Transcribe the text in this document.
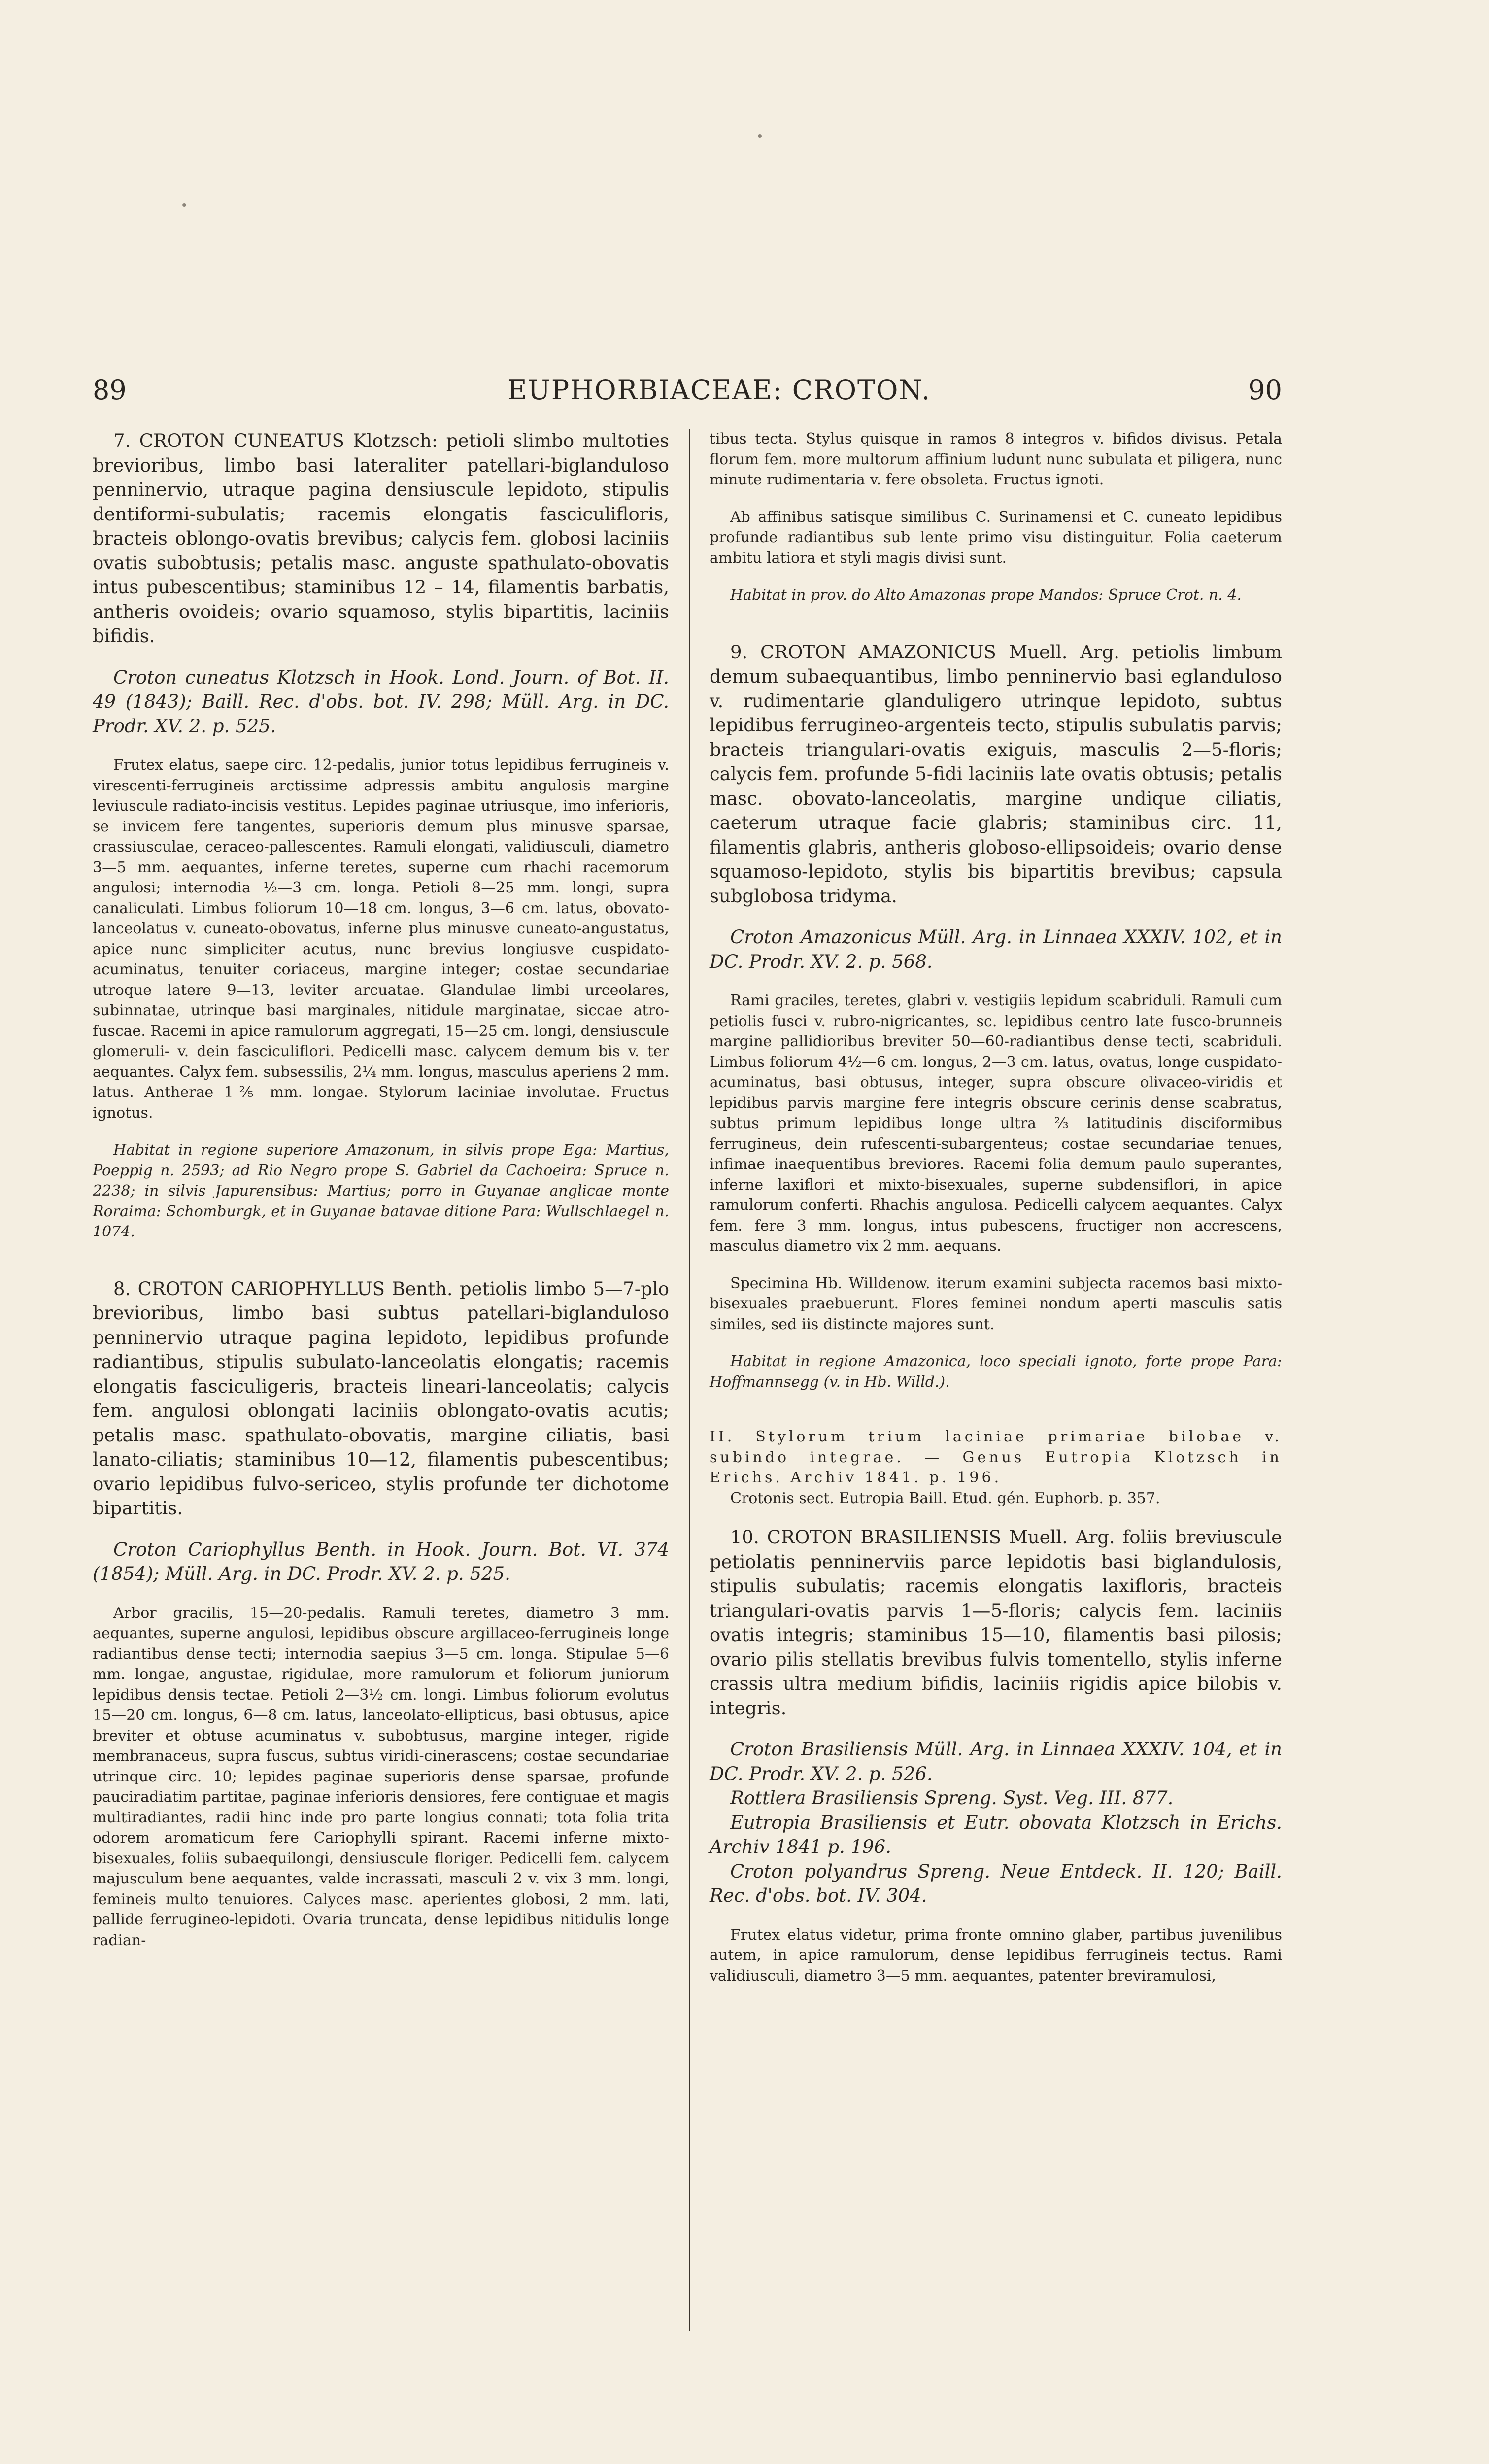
89	EUPHORBIACEAE: CROTON.	90

7. CROTON CUNEATUS Klotzsch: petioli slimbo multoties brevioribus, limbo basi lateraliter patellari-biglanduloso penninervio, utraque pagina densiuscule lepidoto, stipulis dentiformi-subulatis; racemis elongatis fasciculifloris, bracteis oblongo-ovatis brevibus; calycis fem. globosi laciniis ovatis subobtusis; petalis masc. anguste spathulato-obovatis intus pubescentibus; staminibus 12 – 14, filamentis barbatis, antheris ovoideis; ovario squamoso, stylis bipartitis, laciniis bifidis.

Croton cuneatus Klotzsch in Hook. Lond. Journ. of Bot. II. 49 (1843); Baill. Rec. d'obs. bot. IV. 298; Müll. Arg. in DC. Prodr. XV. 2. p. 525.

Frutex elatus, saepe circ. 12-pedalis, junior totus lepidibus ferrugineis v. virescenti-ferrugineis arctissime adpressis ambitu angulosis margine leviuscule radiato-incisis vestitus. Lepides paginae utriusque, imo inferioris, se invicem fere tangentes, superioris demum plus minusve sparsae, crassiusculae, ceraceo-pallescentes. Ramuli elongati, validiusculi, diametro 3—5 mm. aequantes, inferne teretes, superne cum rhachi racemorum angulosi; internodia ½—3 cm. longa. Petioli 8—25 mm. longi, supra canaliculati. Limbus foliorum 10—18 cm. longus, 3—6 cm. latus, obovato-lanceolatus v. cuneato-obovatus, inferne plus minusve cuneato-angustatus, apice nunc simpliciter acutus, nunc brevius longiusve cuspidato-acuminatus, tenuiter coriaceus, margine integer; costae secundariae utroque latere 9—13, leviter arcuatae. Glandulae limbi urceolares, subinnatae, utrinque basi marginales, nitidule marginatae, siccae atro-fuscae. Racemi in apice ramulorum aggregati, 15—25 cm. longi, densiuscule glomeruli- v. dein fasciculiflori. Pedicelli masc. calycem demum bis v. ter aequantes. Calyx fem. subsessilis, 2¼ mm. longus, masculus aperiens 2 mm. latus. Antherae 1⅖ mm. longae. Stylorum laciniae involutae. Fructus ignotus.

Habitat in regione superiore Amazonum, in silvis prope Ega: Martius, Poeppig n. 2593; ad Rio Negro prope S. Gabriel da Cachoeira: Spruce n. 2238; in silvis Japurensibus: Martius; porro in Guyanae anglicae monte Roraima: Schomburgk, et in Guyanae batavae ditione Para: Wullschlaegel n. 1074.

8. CROTON CARIOPHYLLUS Benth. petiolis limbo 5—7-plo brevioribus, limbo basi subtus patellari-biglanduloso penninervio utraque pagina lepidoto, lepidibus profunde radiantibus, stipulis subulato-lanceolatis elongatis; racemis elongatis fasciculigeris, bracteis lineari-lanceolatis; calycis fem. angulosi oblongati laciniis oblongato-ovatis acutis; petalis masc. spathulato-obovatis, margine ciliatis, basi lanato-ciliatis; staminibus 10—12, filamentis pubescentibus; ovario lepidibus fulvo-sericeo, stylis profunde ter dichotome bipartitis.

Croton Cariophyllus Benth. in Hook. Journ. Bot. VI. 374 (1854); Müll. Arg. in DC. Prodr. XV. 2. p. 525.

Arbor gracilis, 15—20-pedalis. Ramuli teretes, diametro 3 mm. aequantes, superne angulosi, lepidibus obscure argillaceo-ferrugineis longe radiantibus dense tecti; internodia saepius 3—5 cm. longa. Stipulae 5—6 mm. longae, angustae, rigidulae, more ramulorum et foliorum juniorum lepidibus densis tectae. Petioli 2—3½ cm. longi. Limbus foliorum evolutus 15—20 cm. longus, 6—8 cm. latus, lanceolato-ellipticus, basi obtusus, apice breviter et obtuse acuminatus v. subobtusus, margine integer, rigide membranaceus, supra fuscus, subtus viridi-cinerascens; costae secundariae utrinque circ. 10; lepides paginae superioris dense sparsae, profunde pauciradiatim partitae, paginae inferioris densiores, fere contiguae et magis multiradiantes, radii hinc inde pro parte longius connati; tota folia trita odorem aromaticum fere Cariophylli spirant. Racemi inferne mixto-bisexuales, foliis subaequilongi, densiuscule floriger. Pedicelli fem. calycem majusculum bene aequantes, valde incrassati, masculi 2 v. vix 3 mm. longi, femineis multo tenuiores. Calyces masc. aperientes globosi, 2 mm. lati, pallide ferrugineo-lepidoti. Ovaria truncata, dense lepidibus nitidulis longe radian-

tibus tecta. Stylus quisque in ramos 8 integros v. bifidos divisus. Petala florum fem. more multorum affinium ludunt nunc subulata et piligera, nunc minute rudimentaria v. fere obsoleta. Fructus ignoti.

Ab affinibus satisque similibus C. Surinamensi et C. cuneato lepidibus profunde radiantibus sub lente primo visu distinguitur. Folia caeterum ambitu latiora et styli magis divisi sunt.

Habitat in prov. do Alto Amazonas prope Mandos: Spruce Crot. n. 4.

9. CROTON AMAZONICUS Muell. Arg. petiolis limbum demum subaequantibus, limbo penninervio basi eglanduloso v. rudimentarie glanduligero utrinque lepidoto, subtus lepidibus ferrugineo-argenteis tecto, stipulis subulatis parvis; bracteis triangulari-ovatis exiguis, masculis 2—5-floris; calycis fem. profunde 5-fidi laciniis late ovatis obtusis; petalis masc. obovato-lanceolatis, margine undique ciliatis, caeterum utraque facie glabris; staminibus circ. 11, filamentis glabris, antheris globoso-ellipsoideis; ovario dense squamoso-lepidoto, stylis bis bipartitis brevibus; capsula subglobosa tridyma.

Croton Amazonicus Müll. Arg. in Linnaea XXXIV. 102, et in DC. Prodr. XV. 2. p. 568.

Rami graciles, teretes, glabri v. vestigiis lepidum scabriduli. Ramuli cum petiolis fusci v. rubro-nigricantes, sc. lepidibus centro late fusco-brunneis margine pallidioribus breviter 50—60-radiantibus dense tecti, scabriduli. Limbus foliorum 4½—6 cm. longus, 2—3 cm. latus, ovatus, longe cuspidato-acuminatus, basi obtusus, integer, supra obscure olivaceo-viridis et lepidibus parvis margine fere integris obscure cerinis dense scabratus, subtus primum lepidibus longe ultra ⅔ latitudinis disciformibus ferrugineus, dein rufescenti-subargenteus; costae secundariae tenues, infimae inaequentibus breviores. Racemi folia demum paulo superantes, inferne laxiflori et mixto-bisexuales, superne subdensiflori, in apice ramulorum conferti. Rhachis angulosa. Pedicelli calycem aequantes. Calyx fem. fere 3 mm. longus, intus pubescens, fructiger non accrescens, masculus diametro vix 2 mm. aequans.

Specimina Hb. Willdenow. iterum examini subjecta racemos basi mixto-bisexuales praebuerunt. Flores feminei nondum aperti masculis satis similes, sed iis distincte majores sunt.

Habitat in regione Amazonica, loco speciali ignoto, forte prope Para: Hoffmannsegg (v. in Hb. Willd.).

II. Stylorum trium laciniae primariae bilobae v. subindo integrae. — Genus Eutropia Klotzsch in Erichs. Archiv 1841. p. 196.

Crotonis sect. Eutropia Baill. Etud. gén. Euphorb. p. 357.

10. CROTON BRASILIENSIS Muell. Arg. foliis breviuscule petiolatis penninerviis parce lepidotis basi biglandulosis, stipulis subulatis; racemis elongatis laxifloris, bracteis triangulari-ovatis parvis 1—5-floris; calycis fem. laciniis ovatis integris; staminibus 15—10, filamentis basi pilosis; ovario pilis stellatis brevibus fulvis tomentello, stylis inferne crassis ultra medium bifidis, laciniis rigidis apice bilobis v. integris.

Croton Brasiliensis Müll. Arg. in Linnaea XXXIV. 104, et in DC. Prodr. XV. 2. p. 526.

Rottlera Brasiliensis Spreng. Syst. Veg. III. 877.

Eutropia Brasiliensis et Eutr. obovata Klotzsch in Erichs. Archiv 1841 p. 196.

Croton polyandrus Spreng. Neue Entdeck. II. 120; Baill. Rec. d'obs. bot. IV. 304.

Frutex elatus videtur, prima fronte omnino glaber, partibus juvenilibus autem, in apice ramulorum, dense lepidibus ferrugineis tectus. Rami validiusculi, diametro 3—5 mm. aequantes, patenter breviramulosi,
